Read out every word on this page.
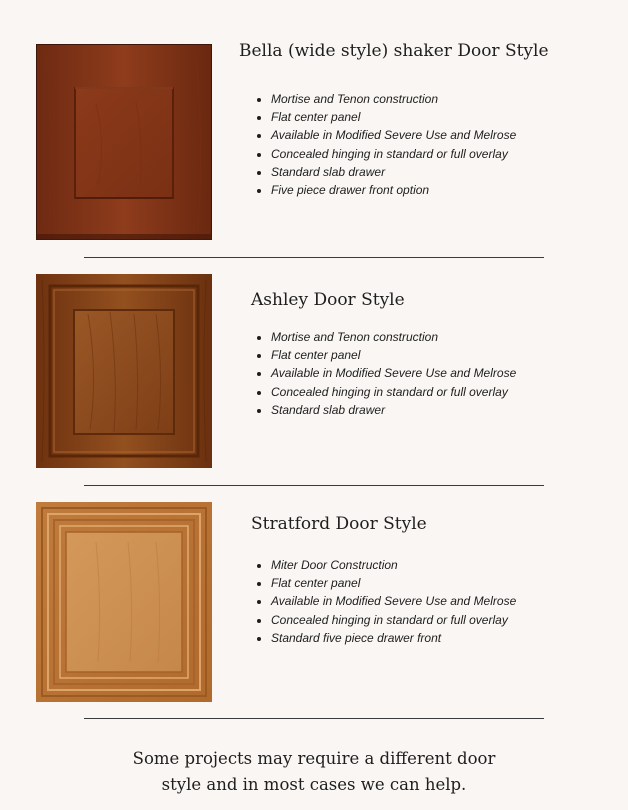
Bella (wide style) shaker Door Style
• Mortise and Tenon construction
• Flat center panel
• Available in Modified Severe Use and Melrose
• Concealed hinging in standard or full overlay
• Standard slab drawer
• Five piece drawer front option
Ashley Door Style
• Mortise and Tenon construction
• Flat center panel
• Available in Modified Severe Use and Melrose
• Concealed hinging in standard or full overlay
• Standard slab drawer
Stratford Door Style
• Miter Door Construction
• Flat center panel
• Available in Modified Severe Use and Melrose
• Concealed hinging in standard or full overlay
• Standard five piece drawer front
Some projects may require a different door
style and in most cases we can help.
